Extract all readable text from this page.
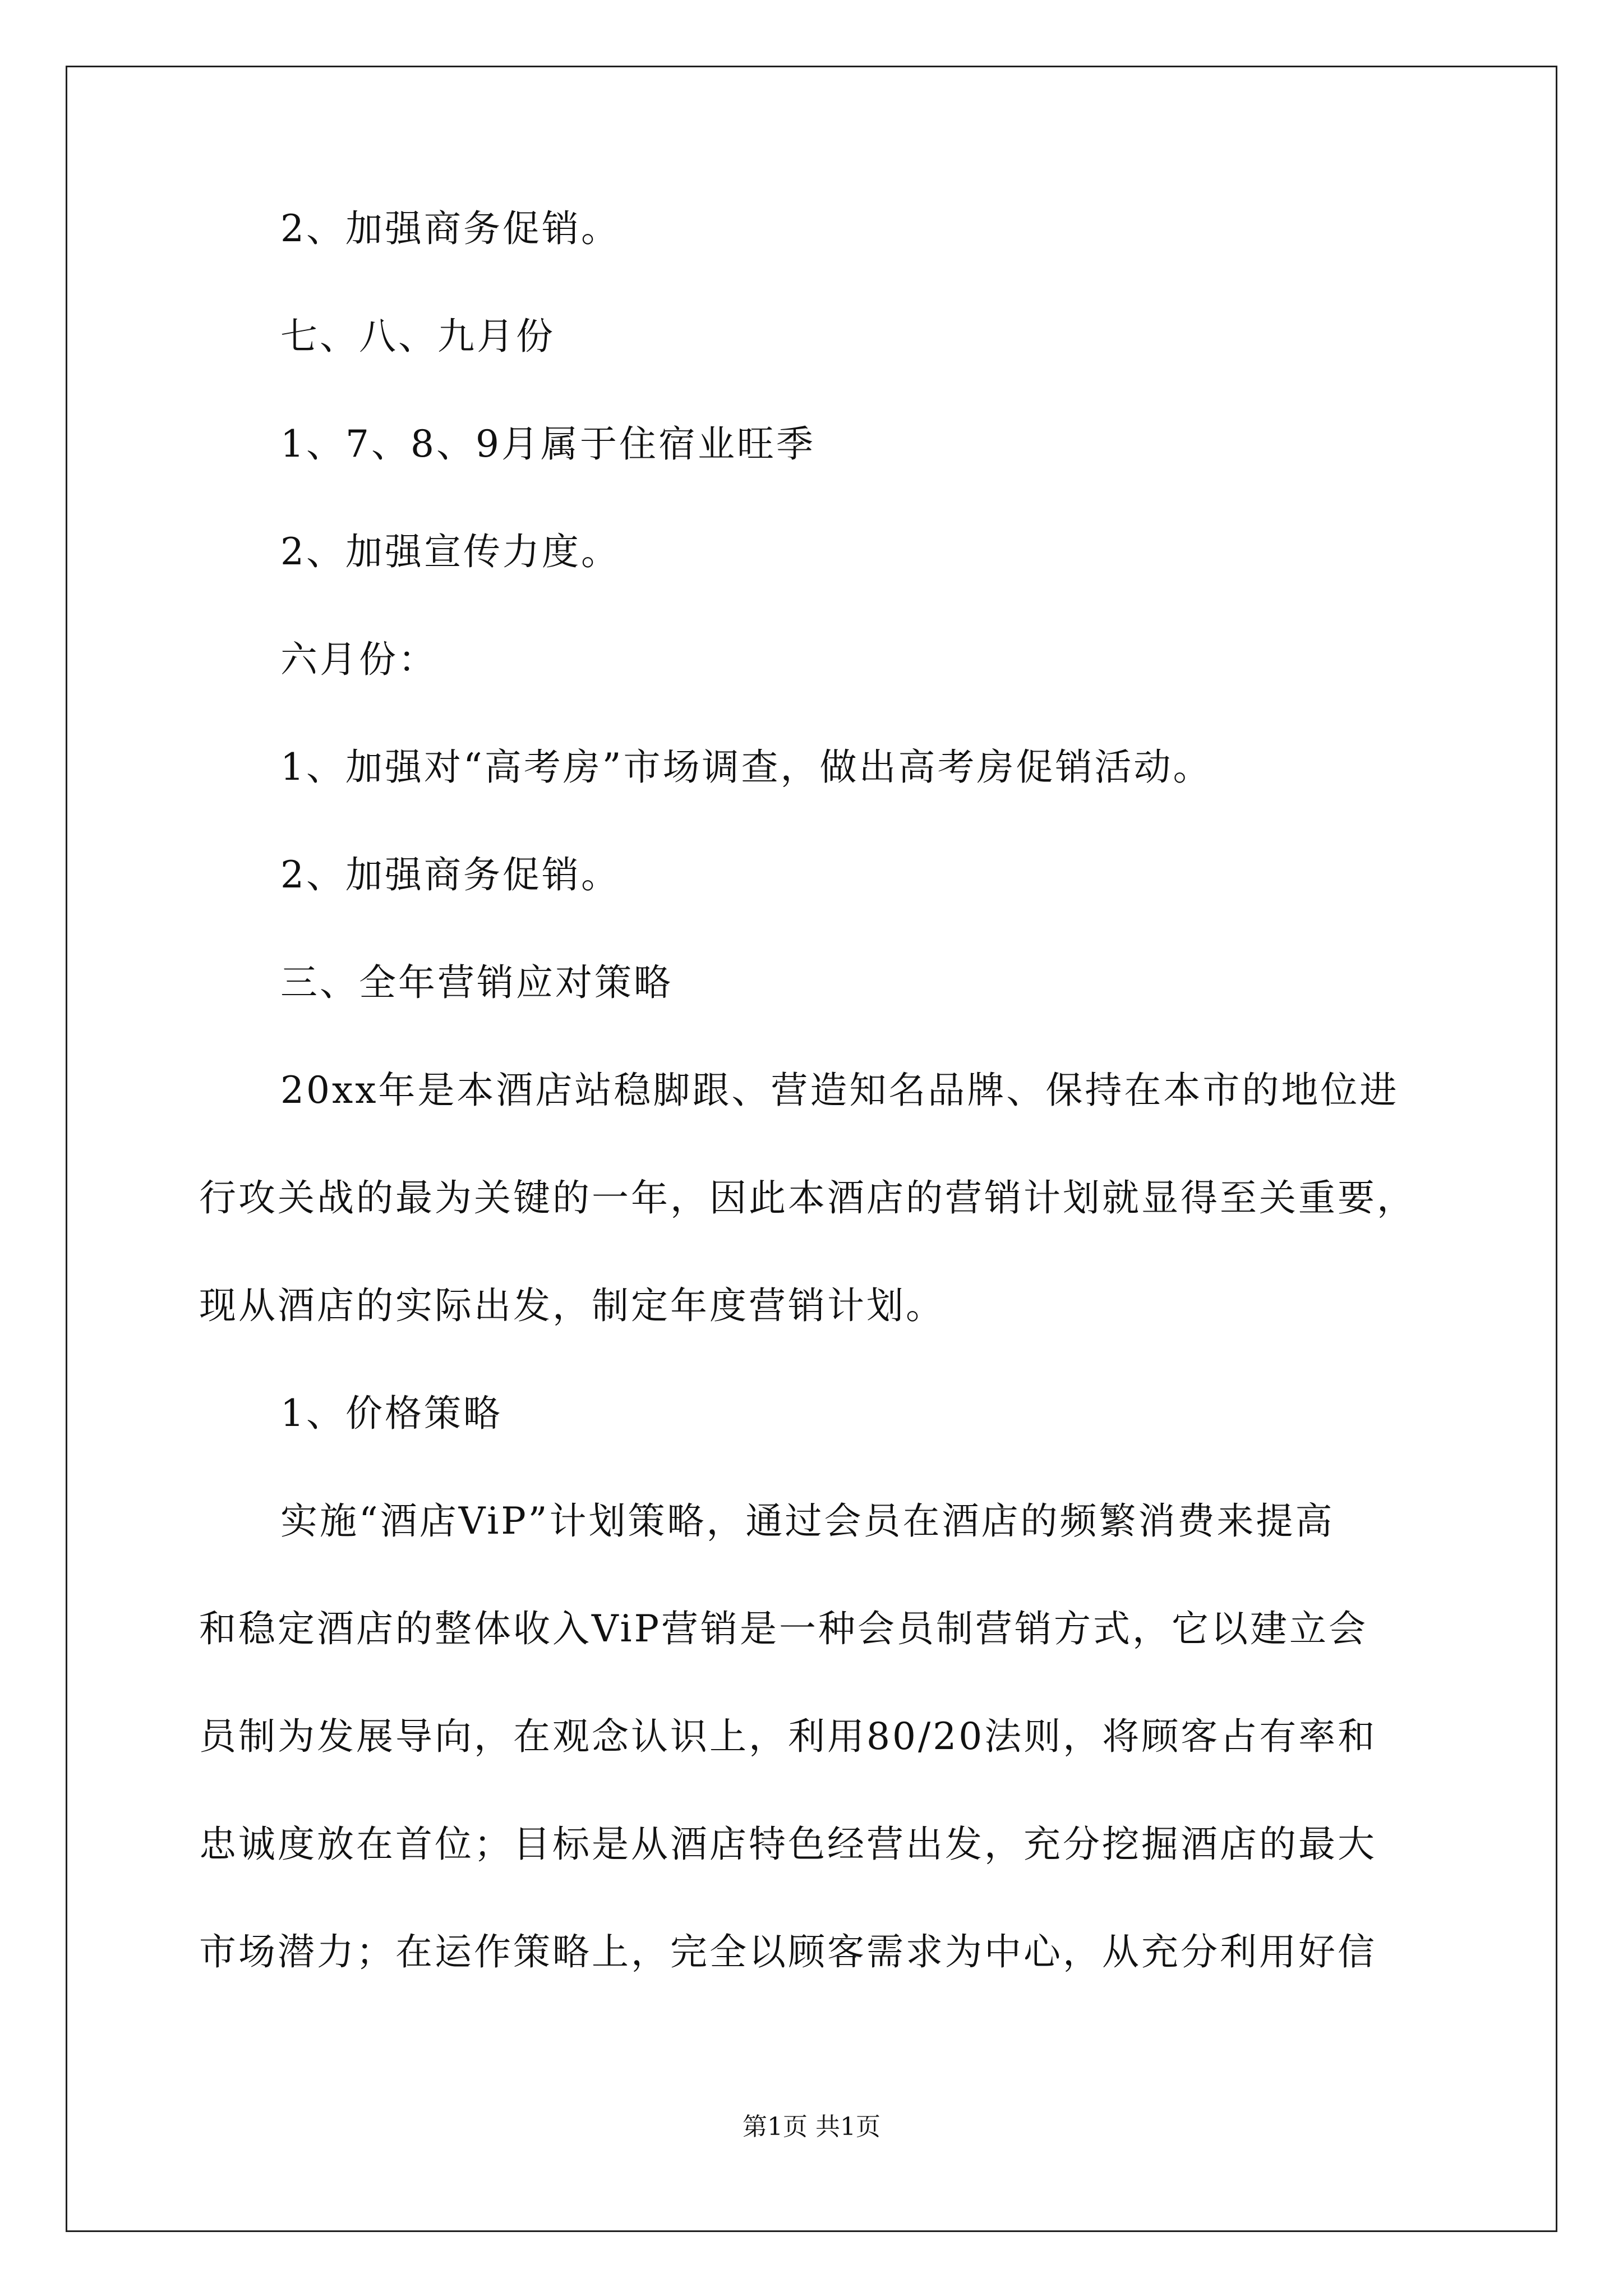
2、加强商务促销。

七、八、九月份

1、7、8、9月属于住宿业旺季

2、加强宣传力度。

六月份：

1、加强对“高考房”市场调查，做出高考房促销活动。

2、加强商务促销。

三、全年营销应对策略

20xx年是本酒店站稳脚跟、营造知名品牌、保持在本市的地位进
行攻关战的最为关键的一年，因此本酒店的营销计划就显得至关重要，
现从酒店的实际出发，制定年度营销计划。

1、价格策略

实施“酒店ViP”计划策略，通过会员在酒店的频繁消费来提高
和稳定酒店的整体收入ViP营销是一种会员制营销方式，它以建立会
员制为发展导向，在观念认识上，利用80/20法则，将顾客占有率和
忠诚度放在首位；目标是从酒店特色经营出发，充分挖掘酒店的最大
市场潜力；在运作策略上，完全以顾客需求为中心，从充分利用好信
第1页 共1页
